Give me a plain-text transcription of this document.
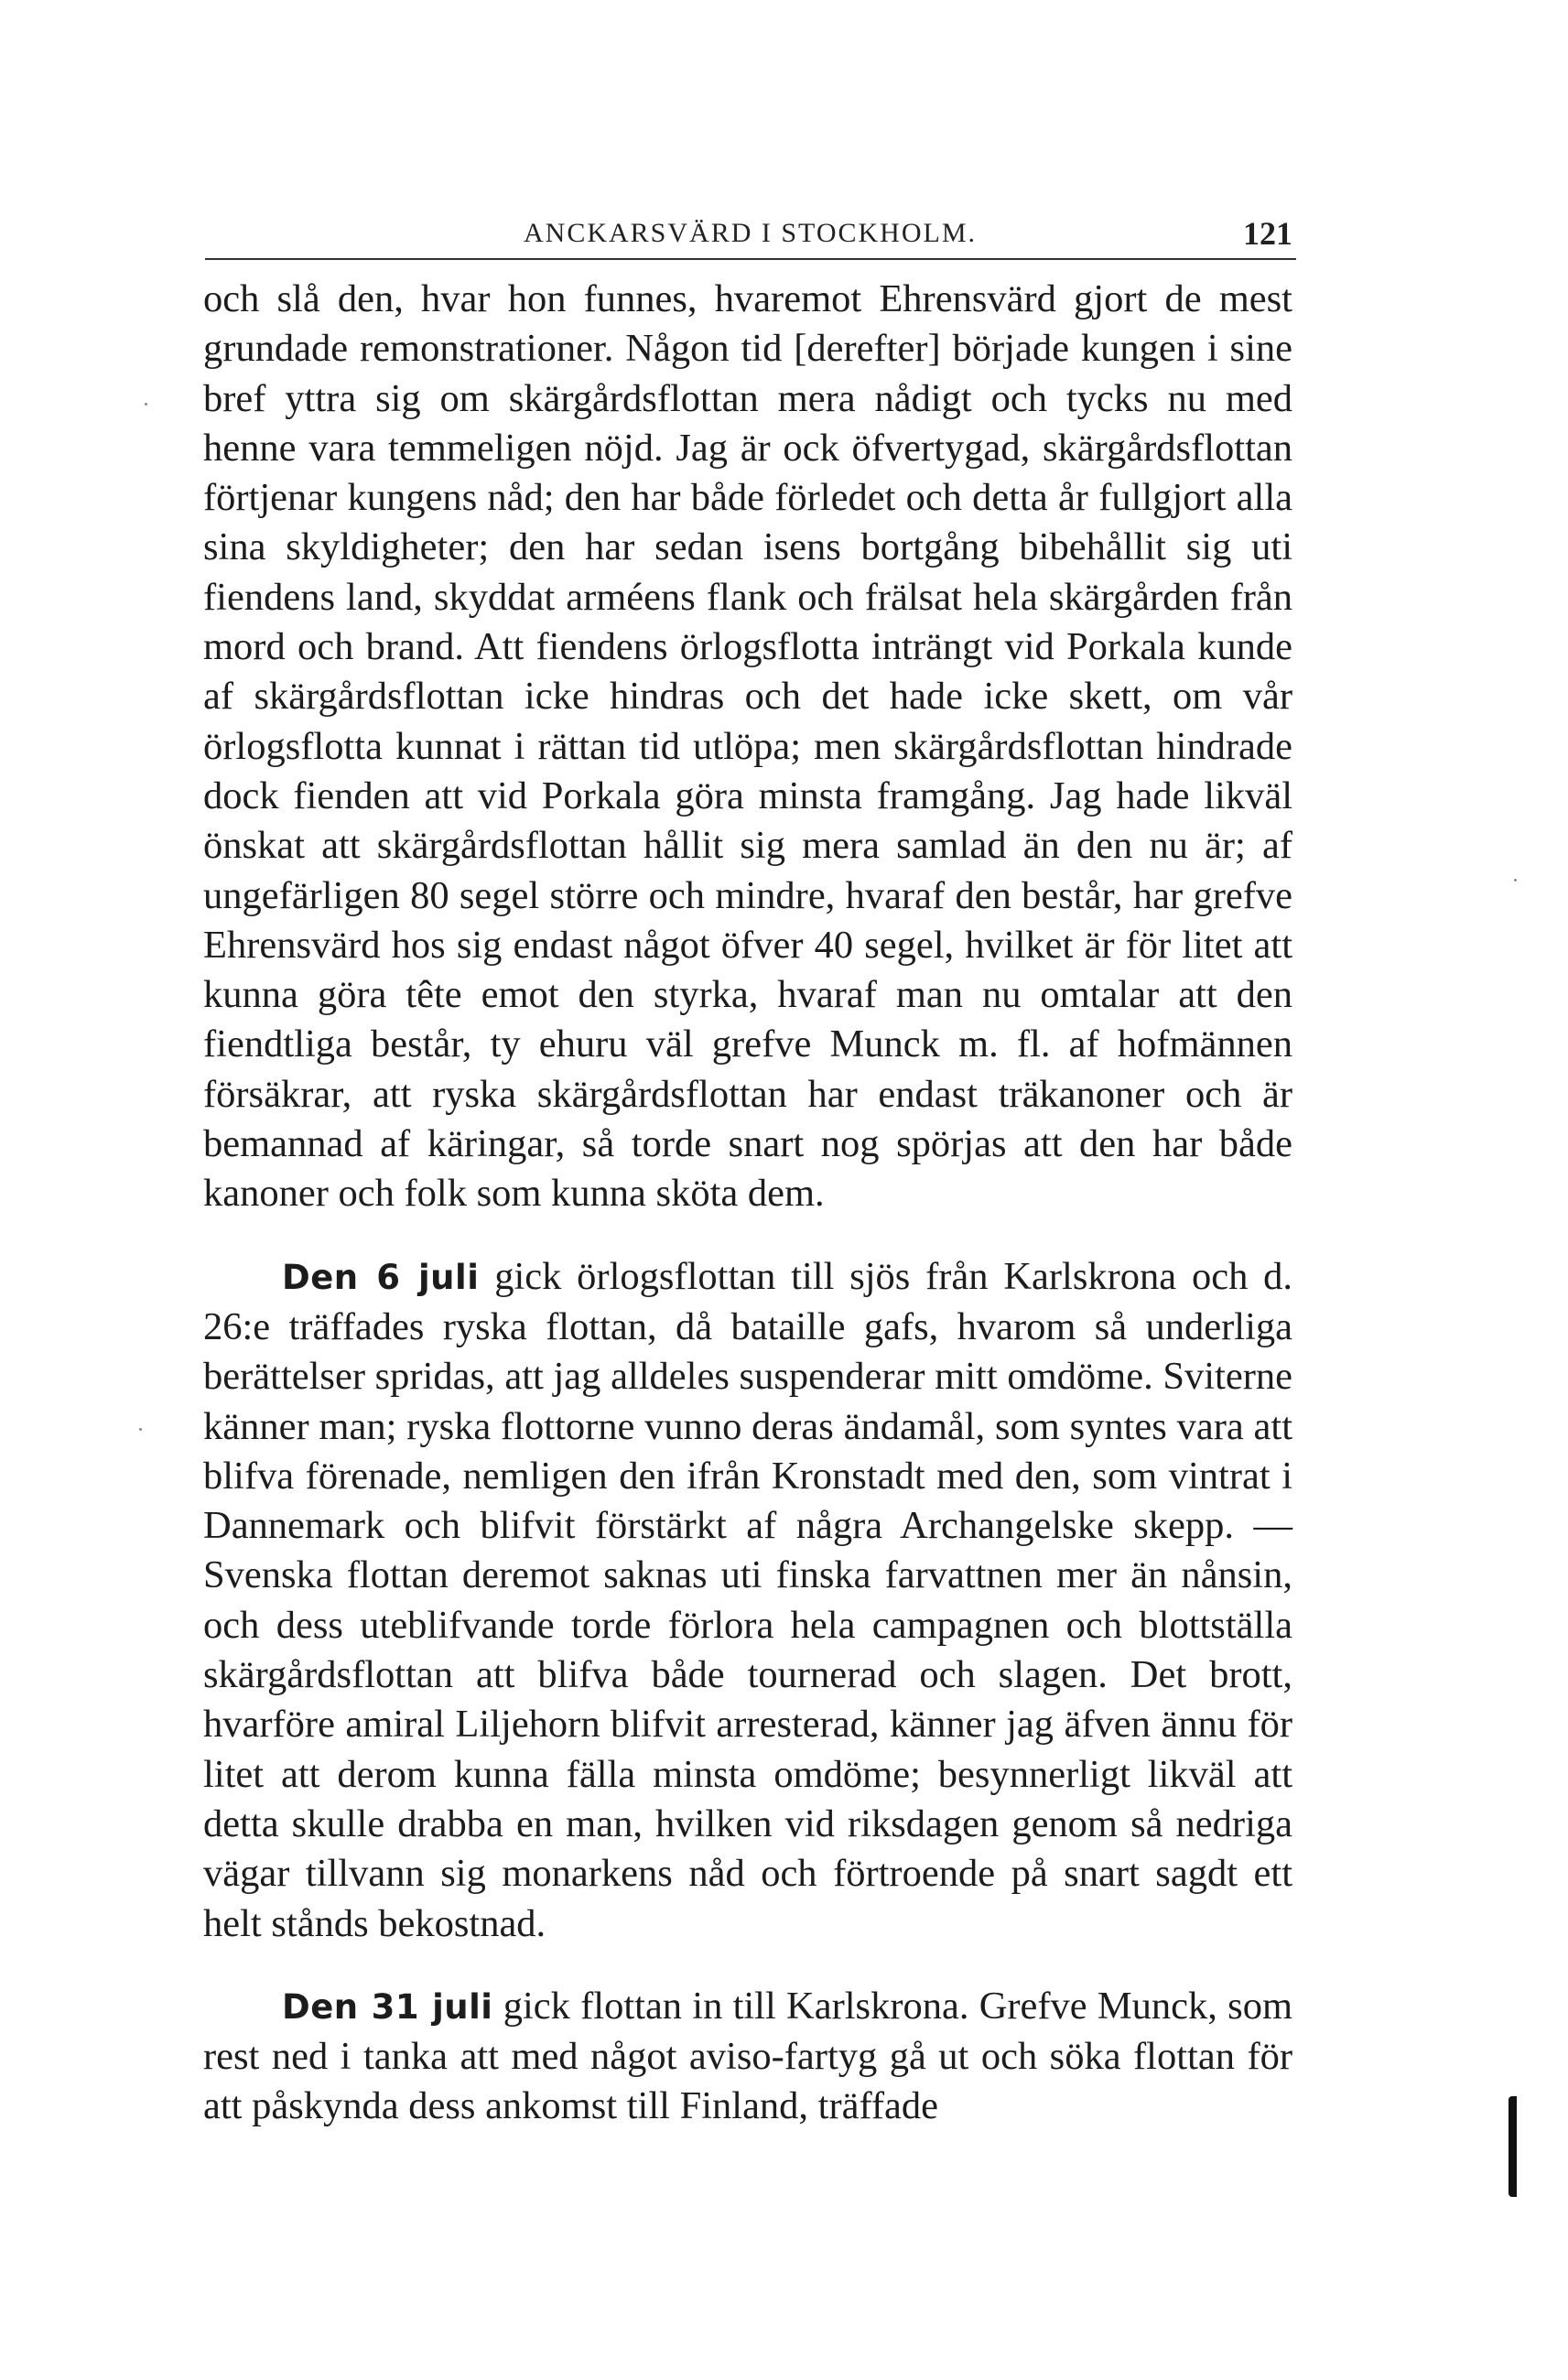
ANCKARSVÄRD I STOCKHOLM.	121

och slå den, hvar hon funnes, hvaremot Ehrensvärd gjort de mest grundade remonstrationer. Någon tid [derefter] började kungen i sine bref yttra sig om skärgårdsflottan mera nådigt och tycks nu med henne vara temmeligen nöjd. Jag är ock öfvertygad, skärgårdsflottan förtjenar kungens nåd; den har både förledet och detta år fullgjort alla sina skyldigheter; den har sedan isens bortgång bibehållit sig uti fiendens land, skyddat arméens flank och frälsat hela skärgården från mord och brand. Att fiendens örlogsflotta inträngt vid Porkala kunde af skärgårdsflottan icke hindras och det hade icke skett, om vår örlogsflotta kunnat i rättan tid utlöpa; men skärgårdsflottan hindrade dock fienden att vid Porkala göra minsta framgång. Jag hade likväl önskat att skärgårdsflottan hållit sig mera samlad än den nu är; af ungefärligen 80 segel större och mindre, hvaraf den består, har grefve Ehrensvärd hos sig endast något öfver 40 segel, hvilket är för litet att kunna göra tête emot den styrka, hvaraf man nu omtalar att den fiendtliga består, ty ehuru väl grefve Munck m. fl. af hofmännen försäkrar, att ryska skärgårdsflottan har endast träkanoner och är bemannad af käringar, så torde snart nog spörjas att den har både kanoner och folk som kunna sköta dem.

Den 6 juli gick örlogsflottan till sjös från Karlskrona och d. 26:e träffades ryska flottan, då bataille gafs, hvarom så underliga berättelser spridas, att jag alldeles suspenderar mitt omdöme. Sviterne känner man; ryska flottorne vunno deras ändamål, som syntes vara att blifva förenade, nemligen den ifrån Kronstadt med den, som vintrat i Dannemark och blifvit förstärkt af några Archangelske skepp. — Svenska flottan deremot saknas uti finska farvattnen mer än nånsin, och dess uteblifvande torde förlora hela campagnen och blottställa skärgårdsflottan att blifva både tournerad och slagen. Det brott, hvarföre amiral Liljehorn blifvit arresterad, känner jag äfven ännu för litet att derom kunna fälla minsta omdöme; besynnerligt likväl att detta skulle drabba en man, hvilken vid riksdagen genom så nedriga vägar tillvann sig monarkens nåd och förtroende på snart sagdt ett helt stånds bekostnad.

Den 31 juli gick flottan in till Karlskrona. Grefve Munck, som rest ned i tanka att med något aviso-fartyg gå ut och söka flottan för att påskynda dess ankomst till Finland, träffade
